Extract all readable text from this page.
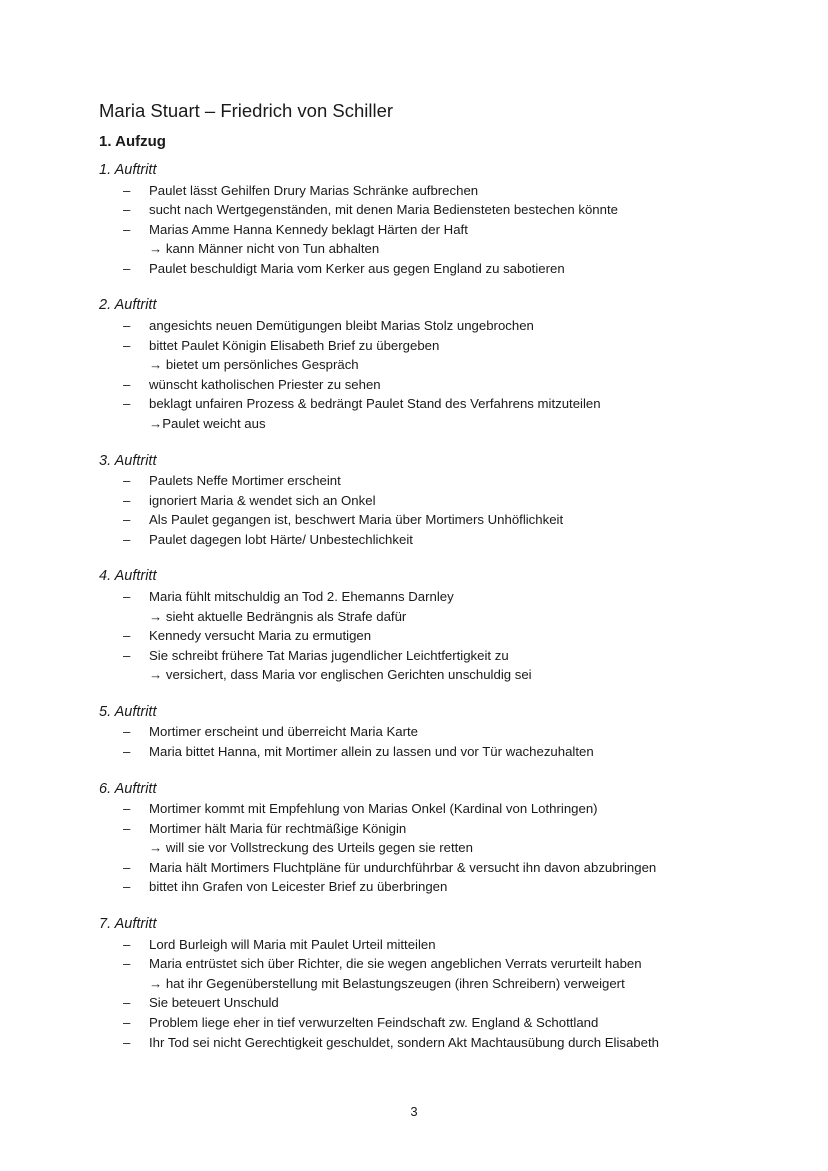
Maria Stuart – Friedrich von Schiller
1. Aufzug
1. Auftritt
– Paulet lässt Gehilfen Drury Marias Schränke aufbrechen
– sucht nach Wertgegenständen, mit denen Maria Bediensteten bestechen könnte
– Marias Amme Hanna Kennedy beklagt Härten der Haft
→ kann Männer nicht von Tun abhalten
– Paulet beschuldigt Maria vom Kerker aus gegen England zu sabotieren
2. Auftritt
– angesichts neuen Demütigungen bleibt Marias Stolz ungebrochen
– bittet Paulet Königin Elisabeth Brief zu übergeben
→ bietet um persönliches Gespräch
– wünscht katholischen Priester zu sehen
– beklagt unfairen Prozess & bedrängt Paulet Stand des Verfahrens mitzuteilen
→Paulet weicht aus
3. Auftritt
– Paulets Neffe Mortimer erscheint
– ignoriert Maria & wendet sich an Onkel
– Als Paulet gegangen ist, beschwert Maria über Mortimers Unhöflichkeit
– Paulet dagegen lobt Härte/ Unbestechlichkeit
4. Auftritt
– Maria fühlt mitschuldig an Tod 2. Ehemanns Darnley
→ sieht aktuelle Bedrängnis als Strafe dafür
– Kennedy versucht Maria zu ermutigen
– Sie schreibt frühere Tat Marias jugendlicher Leichtfertigkeit zu
→ versichert, dass Maria vor englischen Gerichten unschuldig sei
5. Auftritt
– Mortimer erscheint und überreicht Maria Karte
– Maria bittet Hanna, mit Mortimer allein zu lassen und vor Tür wachezuhalten
6. Auftritt
– Mortimer kommt mit Empfehlung von Marias Onkel (Kardinal von Lothringen)
– Mortimer hält Maria für rechtmäßige Königin
→ will sie vor Vollstreckung des Urteils gegen sie retten
– Maria hält Mortimers Fluchtpläne für undurchführbar & versucht ihn davon abzubringen
– bittet ihn Grafen von Leicester Brief zu überbringen
7. Auftritt
– Lord Burleigh will Maria mit Paulet Urteil mitteilen
– Maria entrüstet sich über Richter, die sie wegen angeblichen Verrats verurteilt haben
→ hat ihr Gegenüberstellung mit Belastungszeugen (ihren Schreibern) verweigert
– Sie beteuert Unschuld
– Problem liege eher in tief verwurzelten Feindschaft zw. England & Schottland
– Ihr Tod sei nicht Gerechtigkeit geschuldet, sondern Akt Machtausübung durch Elisabeth
3
